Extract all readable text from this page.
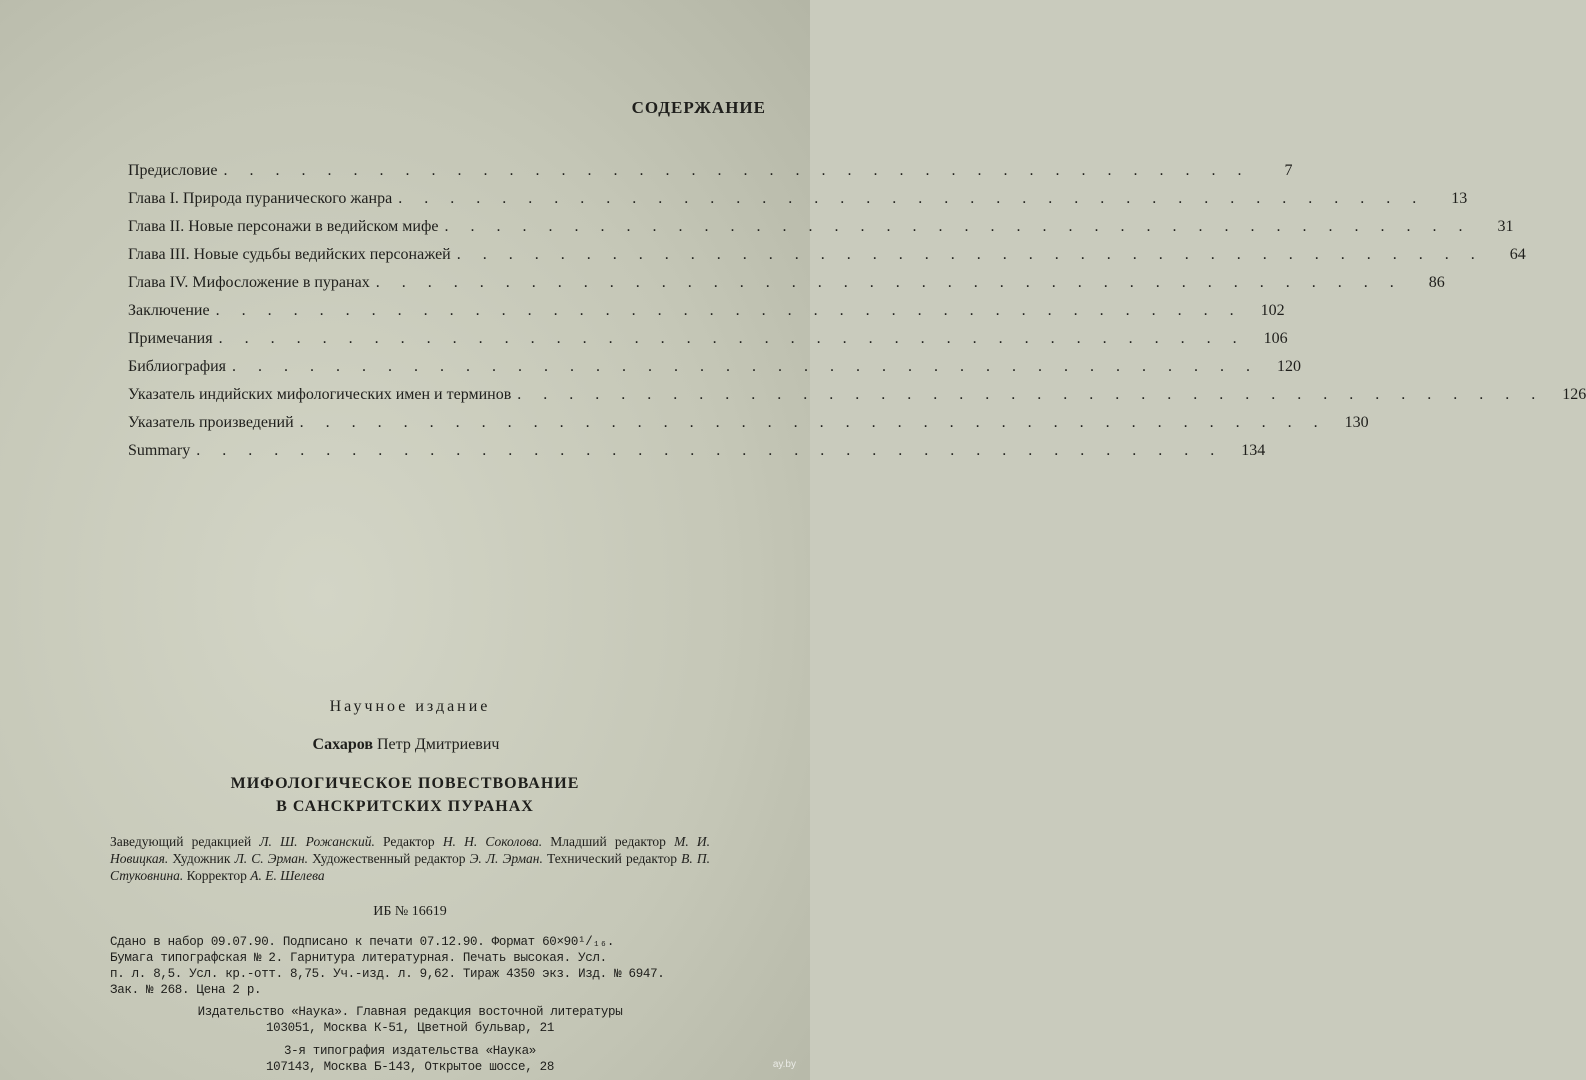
СОДЕРЖАНИЕ
Предисловие . . . . . . . . . . . . . . . . . . . . . . . . . . . . . . . . . . . . . . . .	7
Глава I. Природа пуранического жанра . . . . . . . . . . . . . . . . . . . . . . . . . . . . . . . . . . . . . . . .	13
Глава II. Новые персонажи в ведийском мифе . . . . . . . . . . . . . . . . . . . . . . . . . . . . . . . . . . . . . . . .	31
Глава III. Новые судьбы ведийских персонажей . . . . . . . . . . . . . . . . . . . . . . . . . . . . . . . . . . . . . . . .	64
Глава IV. Мифосложение в пуранах . . . . . . . . . . . . . . . . . . . . . . . . . . . . . . . . . . . . . . . .	86
Заключение . . . . . . . . . . . . . . . . . . . . . . . . . . . . . . . . . . . . . . . .	102
Примечания . . . . . . . . . . . . . . . . . . . . . . . . . . . . . . . . . . . . . . . .	106
Библиография . . . . . . . . . . . . . . . . . . . . . . . . . . . . . . . . . . . . . . . .	120
Указатель индийских мифологических имен и терминов . . . . . . . . . . . . . . . . . . . . . . . . . . . . . . . . . . . . . . . .	126
Указатель произведений . . . . . . . . . . . . . . . . . . . . . . . . . . . . . . . . . . . . . . . .	130
Summary . . . . . . . . . . . . . . . . . . . . . . . . . . . . . . . . . . . . . . . .	134
Научное издание
Сахаров Петр Дмитриевич
МИФОЛОГИЧЕСКОЕ ПОВЕСТВОВАНИЕ
В САНСКРИТСКИХ ПУРАНАХ
Заведующий редакцией Л. Ш. Рожанский. Редактор Н. Н. Соколова. Младший редактор М. И. Новицкая. Художник Л. С. Эрман. Художественный редактор Э. Л. Эрман. Технический редактор В. П. Стуковнина. Корректор А. Е. Шелева
ИБ № 16619
Сдано в набор 09.07.90. Подписано к печати 07.12.90. Формат 60×90¹/₁₆.
Бумага типографская № 2. Гарнитура литературная. Печать высокая. Усл.
п. л. 8,5. Усл. кр.-отт. 8,75. Уч.-изд. л. 9,62. Тираж 4350 экз. Изд. № 6947.
Зак. № 268. Цена 2 р.
Издательство «Наука». Главная редакция восточной литературы
103051, Москва К-51, Цветной бульвар, 21
3-я типография издательства «Наука»
107143, Москва Б-143, Открытое шоссе, 28	ay.by
